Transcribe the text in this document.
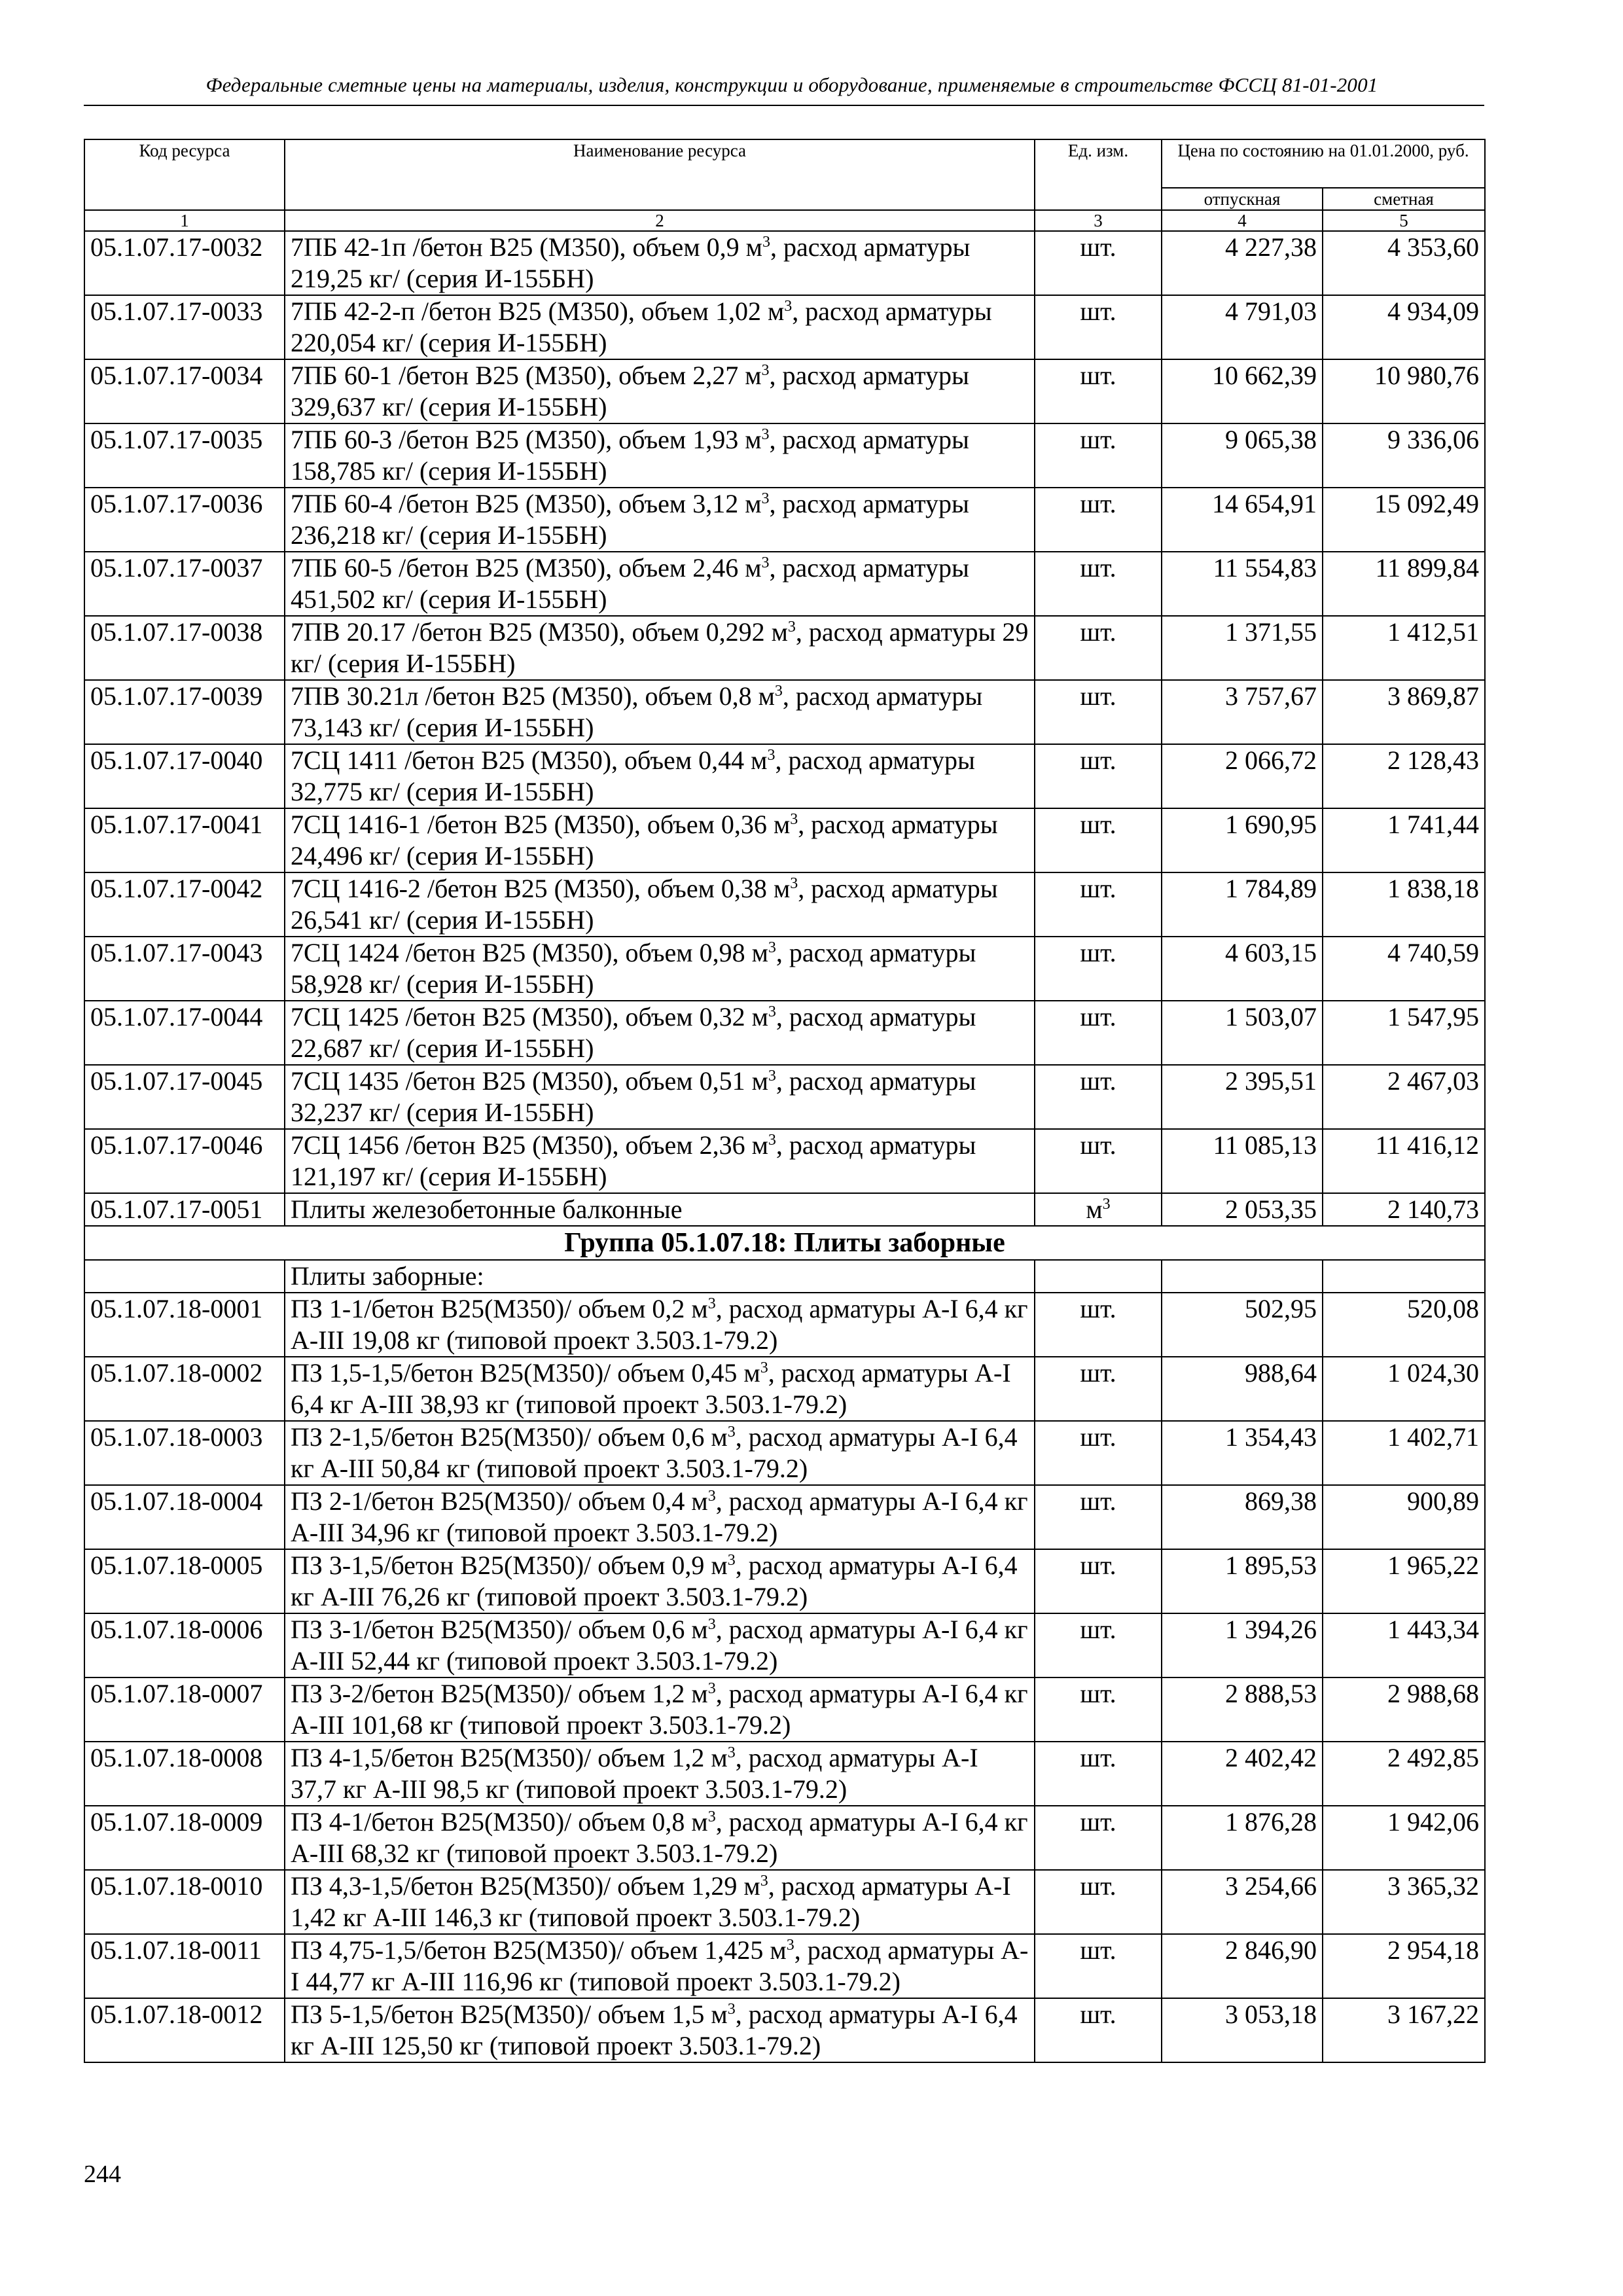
Федеральные сметные цены на материалы, изделия, конструкции и оборудование, применяемые в строительстве ФССЦ 81-01-2001
Код ресурса	Наименование ресурса	Ед. изм.	Цена по состоянию на 01.01.2000, руб.	
			отпускная	сметная
1	2	3	4	5
05.1.07.17-0032	7ПБ 42-1п /бетон В25 (М350), объем 0,9 $м^3$, расход арматуры 219,25 кг/ (серия И-155БН)	шт.	4 227,38	4 353,60
05.1.07.17-0033	7ПБ 42-2-п /бетон В25 (М350), объем 1,02 $м^3$, расход арматуры 220,054 кг/ (серия И-155БН)	шт.	4 791,03	4 934,09
05.1.07.17-0034	7ПБ 60-1 /бетон В25 (М350), объем 2,27 $м^3$, расход арматуры 329,637 кг/ (серия И-155БН)	шт.	10 662,39	10 980,76
05.1.07.17-0035	7ПБ 60-3 /бетон В25 (М350), объем 1,93 $м^3$, расход арматуры 158,785 кг/ (серия И-155БН)	шт.	9 065,38	9 336,06
05.1.07.17-0036	7ПБ 60-4 /бетон В25 (М350), объем 3,12 $м^3$, расход арматуры 236,218 кг/ (серия И-155БН)	шт.	14 654,91	15 092,49
05.1.07.17-0037	7ПБ 60-5 /бетон В25 (М350), объем 2,46 $м^3$, расход арматуры 451,502 кг/ (серия И-155БН)	шт.	11 554,83	11 899,84
05.1.07.17-0038	7ПВ 20.17 /бетон В25 (М350), объем 0,292 $м^3$, расход арматуры 29 кг/ (серия И-155БН)	шт.	1 371,55	1 412,51
05.1.07.17-0039	7ПВ 30.21л /бетон В25 (М350), объем 0,8 $м^3$, расход арматуры 73,143 кг/ (серия И-155БН)	шт.	3 757,67	3 869,87
05.1.07.17-0040	7СЦ 1411 /бетон В25 (М350), объем 0,44 $м^3$, расход арматуры 32,775 кг/ (серия И-155БН)	шт.	2 066,72	2 128,43
05.1.07.17-0041	7СЦ 1416-1 /бетон В25 (М350), объем 0,36 $м^3$, расход арматуры 24,496 кг/ (серия И-155БН)	шт.	1 690,95	1 741,44
05.1.07.17-0042	7СЦ 1416-2 /бетон В25 (М350), объем 0,38 $м^3$, расход арматуры 26,541 кг/ (серия И-155БН)	шт.	1 784,89	1 838,18
05.1.07.17-0043	7СЦ 1424 /бетон В25 (М350), объем 0,98 $м^3$, расход арматуры 58,928 кг/ (серия И-155БН)	шт.	4 603,15	4 740,59
05.1.07.17-0044	7СЦ 1425 /бетон В25 (М350), объем 0,32 $м^3$, расход арматуры 22,687 кг/ (серия И-155БН)	шт.	1 503,07	1 547,95
05.1.07.17-0045	7СЦ 1435 /бетон В25 (М350), объем 0,51 $м^3$, расход арматуры 32,237 кг/ (серия И-155БН)	шт.	2 395,51	2 467,03
05.1.07.17-0046	7СЦ 1456 /бетон В25 (М350), объем 2,36 $м^3$, расход арматуры 121,197 кг/ (серия И-155БН)	шт.	11 085,13	11 416,12
05.1.07.17-0051	Плиты железобетонные балконные	$м^3$	2 053,35	2 140,73
Группа 05.1.07.18: Плиты заборные				
	Плиты заборные:			
05.1.07.18-0001	ПЗ 1-1/бетон В25(М350)/ объем 0,2 $м^3$, расход арматуры А-I 6,4 кг А-III 19,08 кг (типовой проект 3.503.1-79.2)	шт.	502,95	520,08
05.1.07.18-0002	ПЗ 1,5-1,5/бетон В25(М350)/ объем 0,45 $м^3$, расход арматуры А-I 6,4 кг А-III 38,93 кг (типовой проект 3.503.1-79.2)	шт.	988,64	1 024,30
05.1.07.18-0003	ПЗ 2-1,5/бетон В25(М350)/ объем 0,6 $м^3$, расход арматуры А-I 6,4 кг А-III 50,84 кг (типовой проект 3.503.1-79.2)	шт.	1 354,43	1 402,71
05.1.07.18-0004	ПЗ 2-1/бетон В25(М350)/ объем 0,4 $м^3$, расход арматуры А-I 6,4 кг А-III 34,96 кг (типовой проект 3.503.1-79.2)	шт.	869,38	900,89
05.1.07.18-0005	ПЗ 3-1,5/бетон В25(М350)/ объем 0,9 $м^3$, расход арматуры А-I 6,4 кг А-III 76,26 кг (типовой проект 3.503.1-79.2)	шт.	1 895,53	1 965,22
05.1.07.18-0006	ПЗ 3-1/бетон В25(М350)/ объем 0,6 $м^3$, расход арматуры А-I 6,4 кг А-III 52,44 кг (типовой проект 3.503.1-79.2)	шт.	1 394,26	1 443,34
05.1.07.18-0007	ПЗ 3-2/бетон В25(М350)/ объем 1,2 $м^3$, расход арматуры А-I 6,4 кг А-III 101,68 кг (типовой проект 3.503.1-79.2)	шт.	2 888,53	2 988,68
05.1.07.18-0008	ПЗ 4-1,5/бетон В25(М350)/ объем 1,2 $м^3$, расход арматуры А-I 37,7 кг А-III 98,5 кг (типовой проект 3.503.1-79.2)	шт.	2 402,42	2 492,85
05.1.07.18-0009	ПЗ 4-1/бетон В25(М350)/ объем 0,8 $м^3$, расход арматуры А-I 6,4 кг А-III 68,32 кг (типовой проект 3.503.1-79.2)	шт.	1 876,28	1 942,06
05.1.07.18-0010	ПЗ 4,3-1,5/бетон В25(М350)/ объем 1,29 $м^3$, расход арматуры А-I 1,42 кг А-III 146,3 кг (типовой проект 3.503.1-79.2)	шт.	3 254,66	3 365,32
05.1.07.18-0011	ПЗ 4,75-1,5/бетон В25(М350)/ объем 1,425 $м^3$, расход арматуры А-I 44,77 кг А-III 116,96 кг (типовой проект 3.503.1-79.2)	шт.	2 846,90	2 954,18
05.1.07.18-0012	ПЗ 5-1,5/бетон В25(М350)/ объем 1,5 $м^3$, расход арматуры А-I 6,4 кг А-III 125,50 кг (типовой проект 3.503.1-79.2)	шт.	3 053,18	3 167,22
244
